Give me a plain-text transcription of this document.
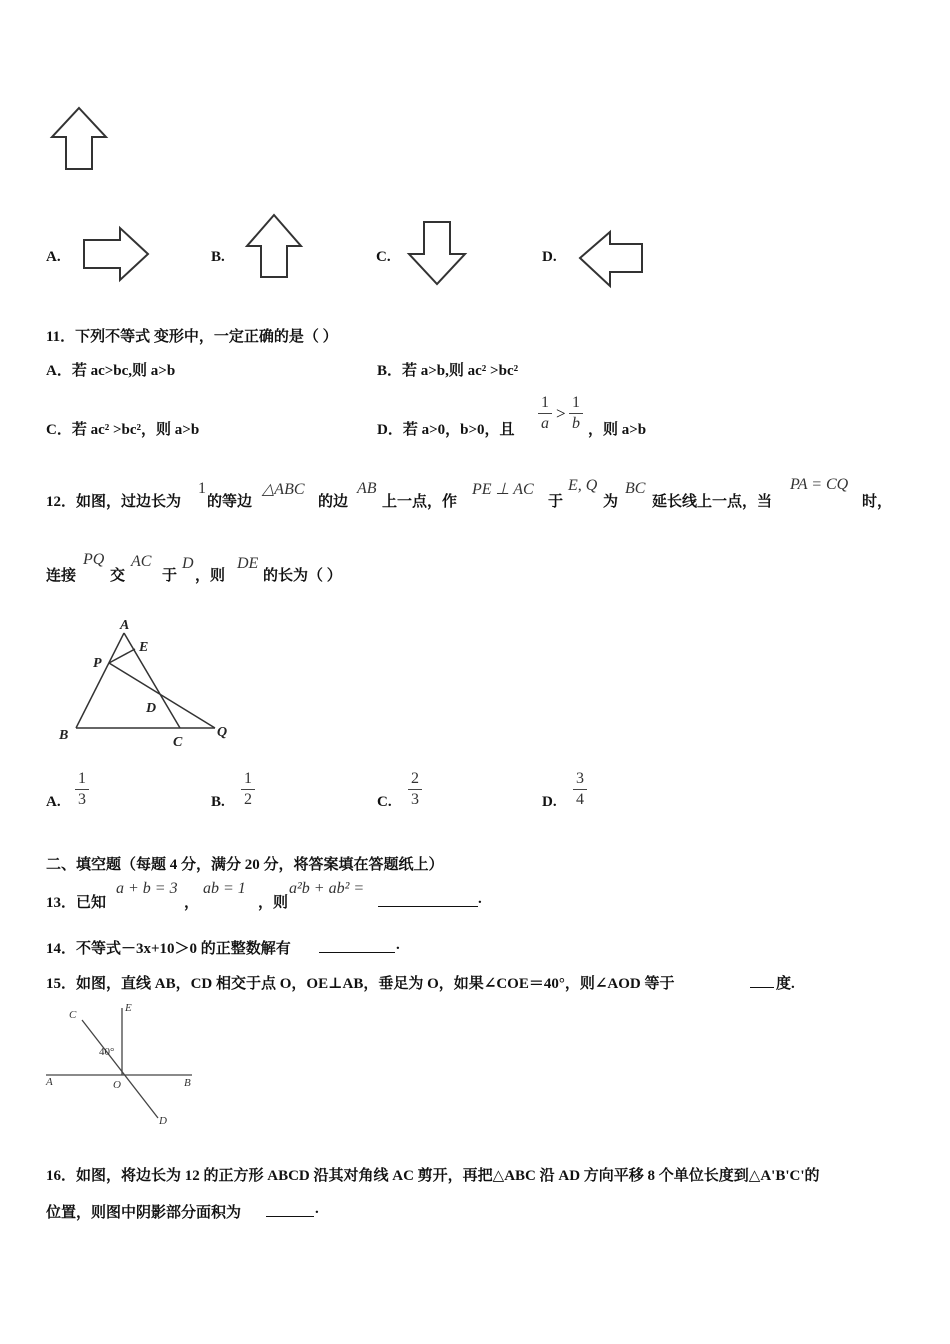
A.	B.	C.	D.
11．下列不等式 变形中，一定正确的是（ ）
A．若 ac>bc,则 a>b	B．若 a>b,则 ac² >bc²
C．若 ac² >bc²，则 a>b	D．若 a>0，b>0，且
1
a
>
1
b ，则 a>b
12．如图，过边长为
1
的等边
△ABC
的边
AB
上一点，作
PE ⊥ AC
于
E, Q
为
BC
延长线上一点，当
PA = CQ
时，
连接
PQ
交
AC
于
D
，则
DE
的长为（ ）
A
E
P
D
B	C
Q
A.
1
3	B.
1
2	C.
2
3	D.
3
4
二、填空题（每题 4 分，满分 20 分，将答案填在答题纸上）
13．已知
a + b = 3
，
ab = 1
，则
a²b + ab² =
.
14．不等式－3x+10＞0 的正整数解有	.
15．如图，直线 AB，CD 相交于点 O，OE⊥AB，垂足为 O，如果∠COE＝40°，则∠AOD 等于	度.
C
E
40°
A	O	B
D
16．如图，将边长为 12 的正方形 ABCD 沿其对角线 AC 剪开，再把△ABC 沿 AD 方向平移 8 个单位长度到△A'B'C'的
位置，则图中阴影部分面积为	.
